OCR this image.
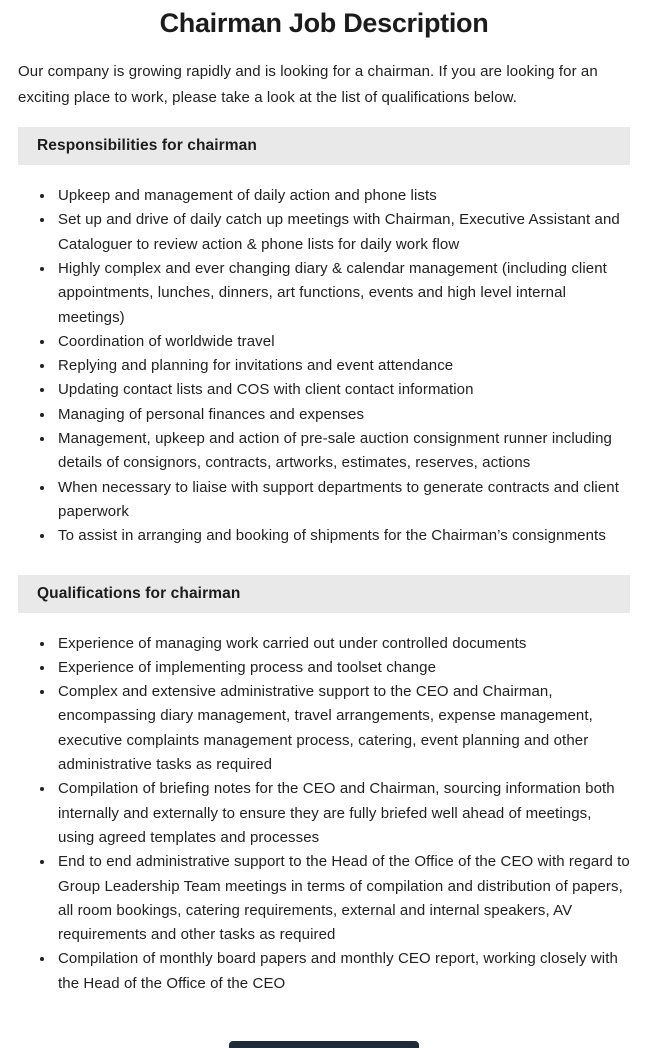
Chairman Job Description

Our company is growing rapidly and is looking for a chairman. If you are looking for an exciting place to work, please take a look at the list of qualifications below.

Responsibilities for chairman
• Upkeep and management of daily action and phone lists
• Set up and drive of daily catch up meetings with Chairman, Executive Assistant and Cataloguer to review action & phone lists for daily work flow
• Highly complex and ever changing diary & calendar management (including client appointments, lunches, dinners, art functions, events and high level internal meetings)
• Coordination of worldwide travel
• Replying and planning for invitations and event attendance
• Updating contact lists and COS with client contact information
• Managing of personal finances and expenses
• Management, upkeep and action of pre-sale auction consignment runner including details of consignors, contracts, artworks, estimates, reserves, actions
• When necessary to liaise with support departments to generate contracts and client paperwork
• To assist in arranging and booking of shipments for the Chairman’s consignments
Qualifications for chairman
• Experience of managing work carried out under controlled documents
• Experience of implementing process and toolset change
• Complex and extensive administrative support to the CEO and Chairman, encompassing diary management, travel arrangements, expense management, executive complaints management process, catering, event planning and other administrative tasks as required
• Compilation of briefing notes for the CEO and Chairman, sourcing information both internally and externally to ensure they are fully briefed well ahead of meetings, using agreed templates and processes
• End to end administrative support to the Head of the Office of the CEO with regard to Group Leadership Team meetings in terms of compilation and distribution of papers, all room bookings, catering requirements, external and internal speakers, AV requirements and other tasks as required
• Compilation of monthly board papers and monthly CEO report, working closely with the Head of the Office of the CEO
